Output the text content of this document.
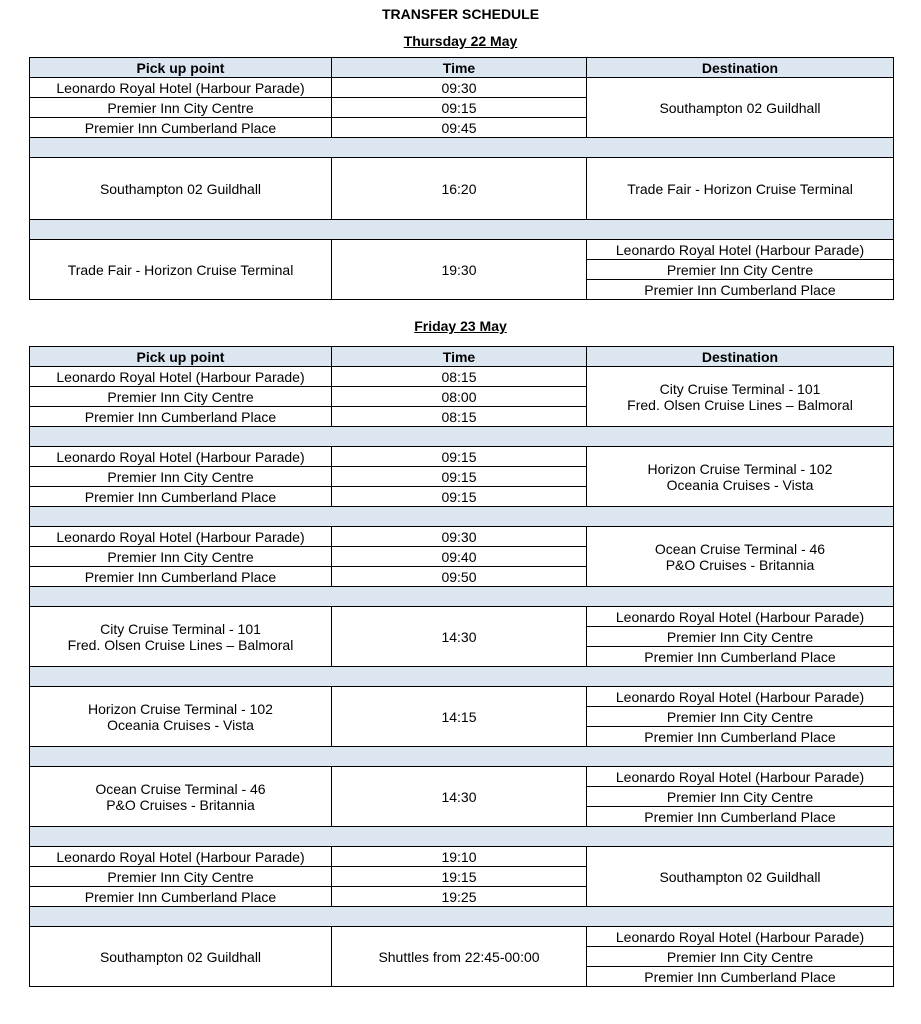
TRANSFER SCHEDULE
Thursday 22 May
Pick up point	Time	Destination
Leonardo Royal Hotel (Harbour Parade)	09:30	Southampton 02 Guildhall
Premier Inn City Centre	09:15	
Premier Inn Cumberland Place	09:45	

Southampton 02 Guildhall	16:20	Trade Fair - Horizon Cruise Terminal

Trade Fair - Horizon Cruise Terminal	19:30	Leonardo Royal Hotel (Harbour Parade)
		Premier Inn City Centre
		Premier Inn Cumberland Place
Friday 23 May
Pick up point	Time	Destination
Leonardo Royal Hotel (Harbour Parade)	08:15	City Cruise Terminal - 101
Fred. Olsen Cruise Lines – Balmoral

Premier Inn City Centre	08:00	
Premier Inn Cumberland Place	08:15	

Leonardo Royal Hotel (Harbour Parade)	09:15	Horizon Cruise Terminal - 102
Oceania Cruises - Vista

Premier Inn City Centre	09:15	
Premier Inn Cumberland Place	09:15	

Leonardo Royal Hotel (Harbour Parade)	09:30	Ocean Cruise Terminal - 46
P&O Cruises - Britannia

Premier Inn City Centre	09:40	
Premier Inn Cumberland Place	09:50	

City Cruise Terminal - 101
Fred. Olsen Cruise Lines – Balmoral	14:30	Leonardo Royal Hotel (Harbour Parade)
		Premier Inn City Centre
		Premier Inn Cumberland Place

Horizon Cruise Terminal - 102
Oceania Cruises - Vista	14:15	Leonardo Royal Hotel (Harbour Parade)
		Premier Inn City Centre
		Premier Inn Cumberland Place

Ocean Cruise Terminal - 46
P&O Cruises - Britannia	14:30	Leonardo Royal Hotel (Harbour Parade)
		Premier Inn City Centre
		Premier Inn Cumberland Place

Leonardo Royal Hotel (Harbour Parade)	19:10	Southampton 02 Guildhall
Premier Inn City Centre	19:15	
Premier Inn Cumberland Place	19:25	

Southampton 02 Guildhall	Shuttles from 22:45-00:00	Leonardo Royal Hotel (Harbour Parade)
		Premier Inn City Centre
		Premier Inn Cumberland Place
